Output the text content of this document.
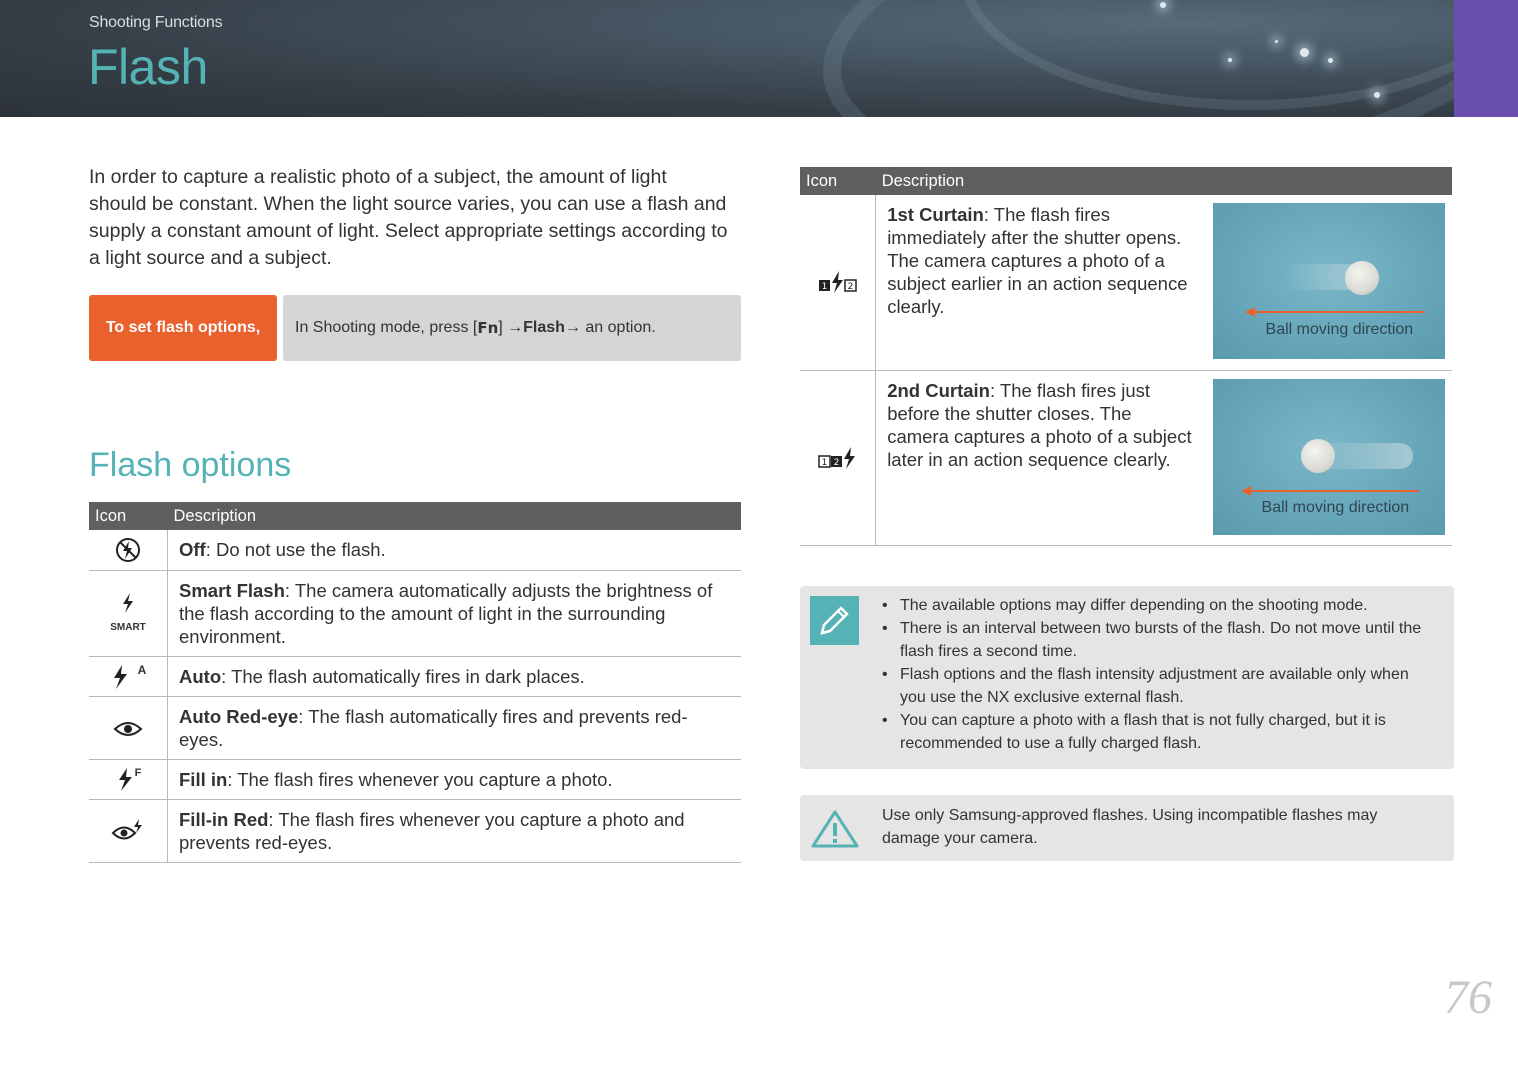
Shooting Functions
Flash

In order to capture a realistic photo of a subject, the amount of light should be constant. When the light source varies, you can use a flash and supply a constant amount of light. Select appropriate settings according to a light source and a subject.

To set flash options,	In Shooting mode, press [ Fn ] → Flash → an option.
Flash options
Icon	Description
	Off: Do not use the flash.

SMART	Smart Flash: The camera automatically adjusts the brightness of the flash according to the amount of light in the surrounding environment.
$^A$	Auto: The flash automatically fires in dark places.
	Auto Red-eye: The flash automatically fires and prevents red-eyes.
$^F$	Fill in: The flash fires whenever you capture a photo.
	Fill-in Red: The flash fires whenever you capture a photo and prevents red-eyes.
Icon	Description	

1 2	1st Curtain: The flash fires immediately after the shutter opens. The camera captures a photo of a subject earlier in an action sequence clearly.	Ball moving direction

1 2	2nd Curtain: The flash fires just before the shutter closes. The camera captures a photo of a subject later in an action sequence clearly.	Ball moving direction
• The available options may differ depending on the shooting mode.
• There is an interval between two bursts of the flash. Do not move until the flash fires a second time.
• Flash options and the flash intensity adjustment are available only when you use the NX exclusive external flash.
• You can capture a photo with a flash that is not fully charged, but it is recommended to use a fully charged flash.
Use only Samsung-approved flashes. Using incompatible flashes may damage your camera.
76
